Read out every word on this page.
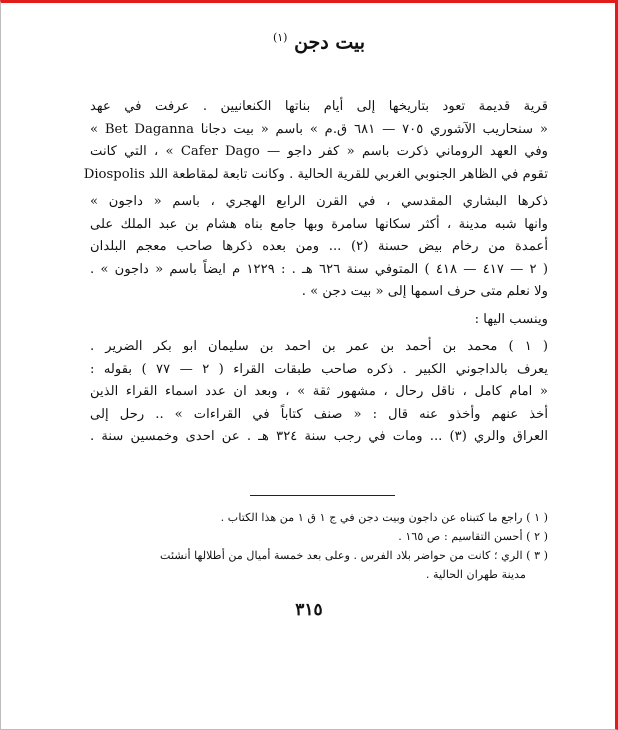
بيت دجن $^{(١)}$
قرية قديمة تعود بتاريخها إلى أيام بناتها الكنعانيين . عرفت في عهد
« سنحاريب الآشوري ٧٠٥ — ٦٨١ ق.م » باسم « بيت دجانا Bet Daganna »
وفي العهد الروماني ذكرت باسم « كفر داجو — Cafer Dago » ، التي كانت
تقوم في الظاهر الجنوبي الغربي للقرية الحالية . وكانت تابعة لمقاطعة اللد Diospolis
ذكرها البشاري المقدسي ، في القرن الرابع الهجري ، باسم « داجون »
وانها شبه مدينة ، أكثر سكانها سامرة وبها جامع بناه هشام بن عبد الملك على
أعمدة من رخام بيض حسنة (٢) ... ومن بعده ذكرها صاحب معجم البلدان
( ٢ — ٤١٧ — ٤١٨ ) المتوفي سنة ٦٢٦ هـ . : ١٢٢٩ م ايضاً باسم « داجون » .
ولا نعلم متى حرف اسمها إلى « بيت دجن » .
وينسب اليها :
( ١ ) محمد بن أحمد بن عمر بن احمد بن سليمان ابو بكر الضرير .
يعرف بالداجوني الكبير . ذكره صاحب طبقات القراء ( ٢ — ٧٧ ) بقوله :
« امام كامل ، ناقل رحال ، مشهور ثقة » ، وبعد ان عدد اسماء القراء الذين
أخذ عنهم وأخذو عنه قال : « صنف كتاباً في القراءات » .. رحل إلى
العراق والري (٣) ... ومات في رجب سنة ٣٢٤ هـ . عن احدى وخمسين سنة .
( ١ ) راجع ما كتبناه عن داجون وبيت دجن في ج ١ ق ١ من هذا الكتاب .
( ٢ ) أحسن التقاسيم : ص ١٦٥ .
( ٣ ) الري ؛ كانت من حواضر بلاد الفرس . وعلى بعد خمسة أميال من أطلالها أنشئت
مدينة طهران الحالية .
٣١٥
